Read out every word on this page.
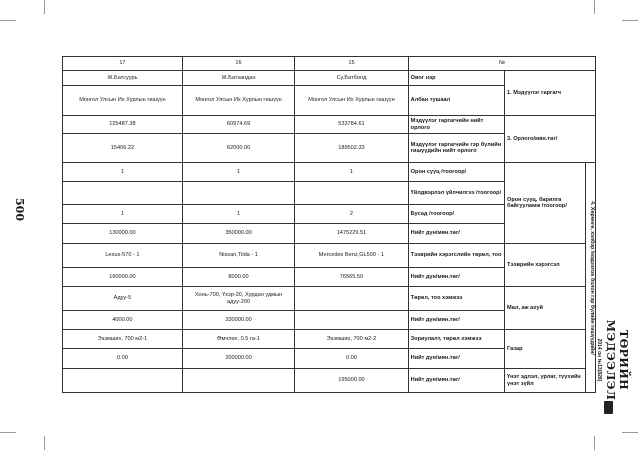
500
17	16	15	№		
Ж.Батсуурь	Ж.Батзандан	Су.Батболд	Овог нэр	1. Мэдүүлэг гаргагч	
Монгол Улсын Их Хурлын гишүүн	Монгол Улсын Их Хурлын гишүүн	Монгол Улсын Их Хурлын гишүүн	Албан тушаал		
125487.38	60974.69	533784.61	Мэдүүлэг гаргагчийн нийт орлого	3. Орлого/мян.төг/	
15406.22	62000.00	189502.33	Мэдүүлэг гаргагчийн гэр бүлийн гишүүдийн нийт орлого		
1	1	1	Орон сууц /тоогоор/	Орон сууц, барилга байгууламж /тоогоор/	4. Хөрөнгө, хэлбэр /мэдээлэх болон гэр бүлийн гишүүдийн/

			Үйлдвэрлэл үйлчилгээ /тоогоор/		
1	1	2	Бусад /тоогоор/		
130000.00	350000.00	1475229.51	Нийт дүн/мян.төг/		
Lexus-570 - 1	Nissan,Tiida - 1	Mercedes Benz,GL500 - 1	Тээврийн хэрэгслийн төрөл, тоо	Тээврийн хэрэгсэл	
160000.00	8000.00	76565.50	Нийт дүн/мян.төг/		
Адуу-5	Хонь-700, Үхэр-20, Хурдан удмын адуу-200		Төрөл, тоо хэмжээ	Мал, аж ахуй	
4000.00	330000.00		Нийт дүн/мян.төг/		
Эзэмших, 700 м2-1	Өмчлөх, 0.5 га-1	Эзэмших, 700 м2-2	Зориулалт, төрөл хэмжээ	Газар	
0.00	200000.00	0.00	Нийт дүн/мян.төг/		
		195000.00	Нийт дүн/мян.төг/	Үнэт эдлэл, урлаг, түүхийн үнэт зүйл		ТӨРИЙН МЭДЭЭЛЭЛ
2014 он №13(828)
